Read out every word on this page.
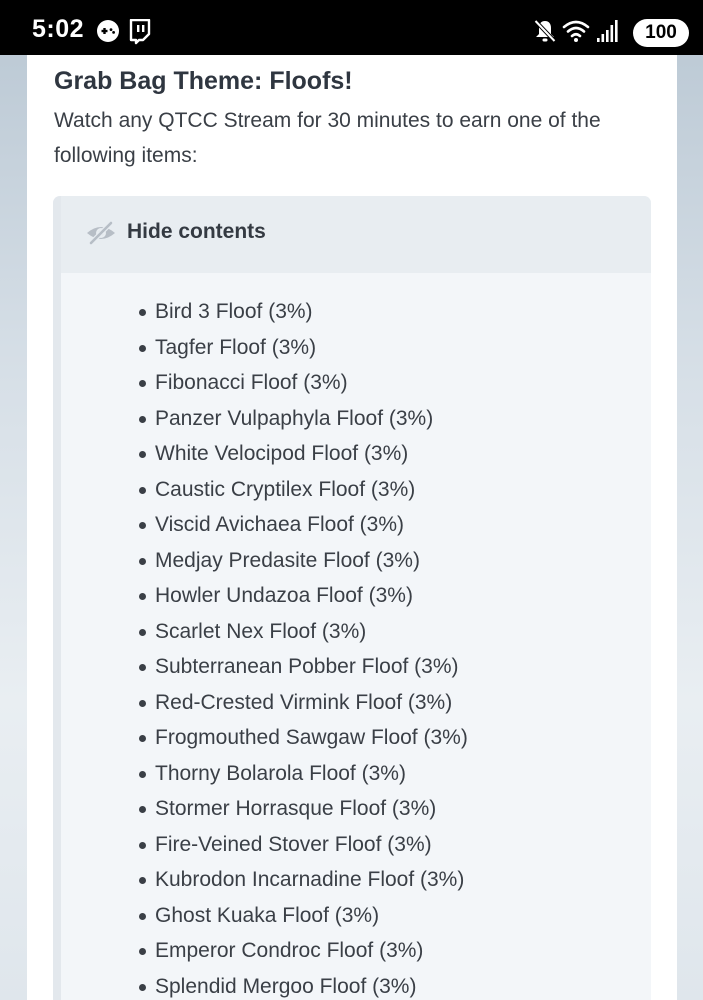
5:02	100
Grab Bag Theme: Floofs!

Watch any QTCC Stream for 30 minutes to earn one of the following items:

Hide contents
Bird 3 Floof (3%)
Tagfer Floof (3%)
Fibonacci Floof (3%)
Panzer Vulpaphyla Floof (3%)
White Velocipod Floof (3%)
Caustic Cryptilex Floof (3%)
Viscid Avichaea Floof (3%)
Medjay Predasite Floof (3%)
Howler Undazoa Floof (3%)
Scarlet Nex Floof (3%)
Subterranean Pobber Floof (3%)
Red-Crested Virmink Floof (3%)
Frogmouthed Sawgaw Floof (3%)
Thorny Bolarola Floof (3%)
Stormer Horrasque Floof (3%)
Fire-Veined Stover Floof (3%)
Kubrodon Incarnadine Floof (3%)
Ghost Kuaka Floof (3%)
Emperor Condroc Floof (3%)
Splendid Mergoo Floof (3%)
